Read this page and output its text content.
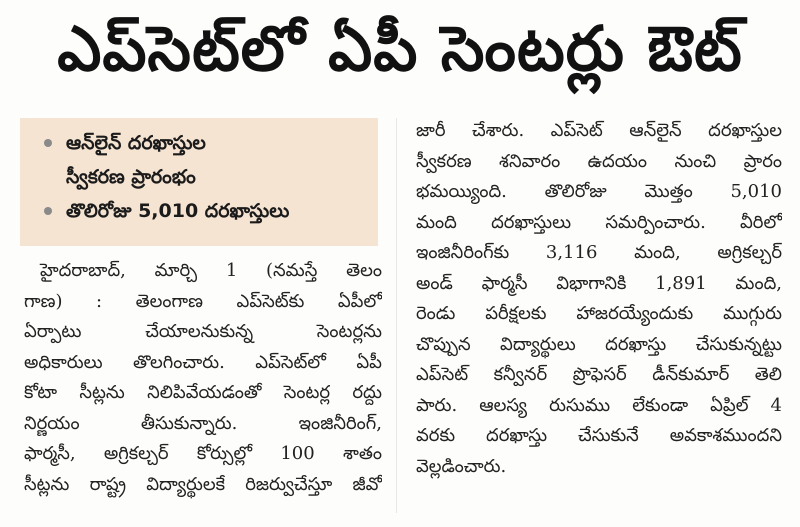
ఎప్‌సెట్‌లో ఏపీ సెంటర్లు ఔట్
ఆన్‌లైన్ దరఖాస్తుల
స్వీకరణ ప్రారంభం
తొలిరోజు 5,010 దరఖాస్తులు
హైదరాబాద్, మార్చి 1 (నమస్తే తెలం
గాణ) : తెలంగాణ ఎప్‌సెట్‌కు ఏపీలో
ఏర్పాటు చేయాలనుకున్న సెంటర్లను
అధికారులు తొలగించారు. ఎప్‌సెట్‌లో ఏపీ
కోటా సీట్లను నిలిపివేయడంతో సెంటర్ల రద్దు
నిర్ణయం తీసుకున్నారు. ఇంజినీరింగ్,
ఫార్మసీ, అగ్రికల్చర్ కోర్సుల్లో 100 శాతం
సీట్లను రాష్ట్ర విద్యార్థులకే రిజర్వుచేస్తూ జీవో
జారీ చేశారు. ఎప్‌సెట్ ఆన్‌లైన్ దరఖాస్తుల
స్వీకరణ శనివారం ఉదయం నుంచి ప్రారం
భమయ్యింది. తొలిరోజు మొత్తం 5,010
మంది దరఖాస్తులు సమర్పించారు. వీరిలో
ఇంజినీరింగ్‌కు 3,116 మంది, అగ్రికల్చర్
అండ్ ఫార్మసీ విభాగానికి 1,891 మంది,
రెండు పరీక్షలకు హాజరయ్యేందుకు ముగ్గురు
చొప్పున విద్యార్థులు దరఖాస్తు చేసుకున్నట్టు
ఎప్‌సెట్ కన్వీనర్ ప్రొఫెసర్ డీన్‌కుమార్ తెలి
పారు. ఆలస్య రుసుము లేకుండా ఏప్రిల్ 4
వరకు దరఖాస్తు చేసుకునే అవకాశముందని
వెల్లడించారు.
